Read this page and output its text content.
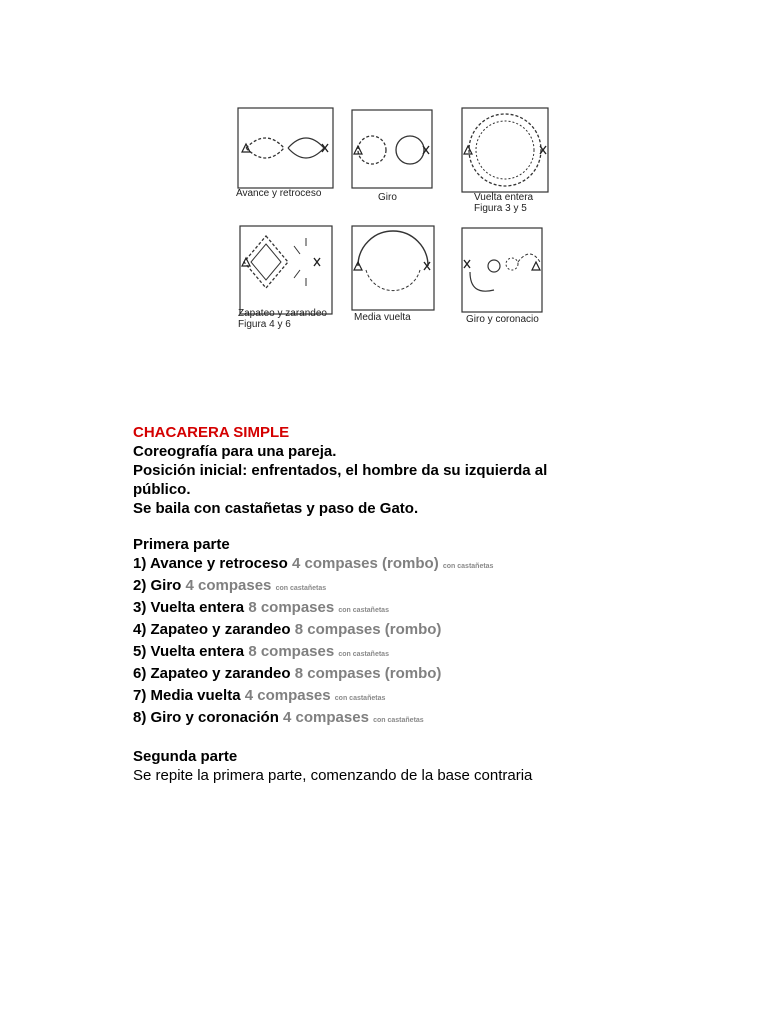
Avance y retroceso	Giro	Vuelta entera
Figura 3 y 5
Zapateo y zarandeo
Figura 4 y 6
Media vuelta	Giro y coronacio
CHACARERA SIMPLE
Coreografía para una pareja.
Posición inicial: enfrentados, el hombre da su izquierda al
público.
Se baila con castañetas y paso de Gato.
Primera parte
1) Avance y retroceso 4 compases (rombo) con castañetas
2) Giro 4 compases con castañetas
3) Vuelta entera 8 compases con castañetas
4) Zapateo y zarandeo 8 compases (rombo)
5) Vuelta entera 8 compases con castañetas
6) Zapateo y zarandeo 8 compases (rombo)
7) Media vuelta 4 compases con castañetas
8) Giro y coronación 4 compases con castañetas
Segunda parte
Se repite la primera parte, comenzando de la base contraria
